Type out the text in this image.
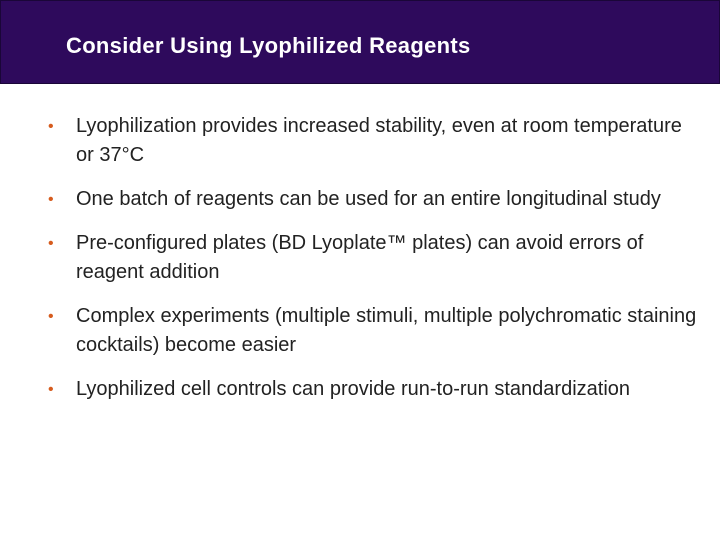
Consider Using Lyophilized Reagents
• Lyophilization provides increased stability, even at room temperature or 37°C
• One batch of reagents can be used for an entire longitudinal study
• Pre-configured plates (BD Lyoplate™ plates) can avoid errors of reagent addition
• Complex experiments (multiple stimuli, multiple polychromatic staining cocktails) become easier
• Lyophilized cell controls can provide run-to-run standardization
